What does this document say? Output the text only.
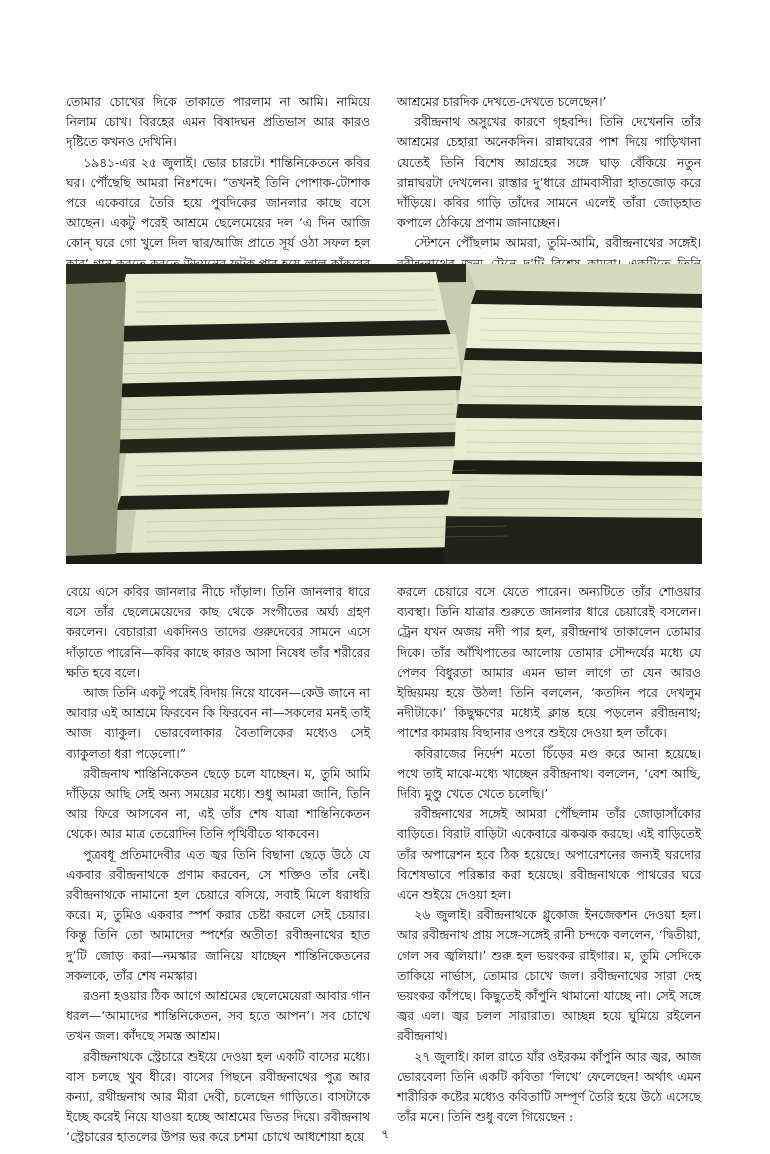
তোমার চোখের দিকে তাকাতে পারলাম না আমি। নামিয়ে নিলাম চোখ। বিরহের এমন বিষাদঘন প্রতিভাস আর কারও দৃষ্টিতে কখনও দেখিনি।

১৯৪১-এর ২৫ জুলাই। ভোর চারটে। শান্তিনিকেতনে কবির ঘর। পৌঁছেছি আমরা নিঃশব্দে। “তখনই তিনি পোশাক-টোশাক পরে একেবারে তৈরি হয়ে পুবদিকের জানলার কাছে বসে আছেন। একটু পরেই আশ্রমে ছেলেমেয়ের দল ‘এ দিন আজি কোন্ ঘরে গো খুলে দিল দ্বার/আজি প্রাতে সূর্য ওঠা সফল হল

আশ্রমের চারদিক দেখতে-দেখতে চলেছেন।’

রবীন্দ্রনাথ অসুখের কারণে গৃহবন্দি। তিনি দেখেননি তাঁর আশ্রমের চেহারা অনেকদিন। রান্নাঘরের পাশ দিয়ে গাড়িখানা যেতেই তিনি বিশেষ আগ্রহের সঙ্গে ঘাড় বেঁকিয়ে নতুন রান্নাঘরটা দেখলেন। রাস্তার দু’ধারে গ্রামবাসীরা হাতজোড় করে দাঁড়িয়ে। কবির গাড়ি তাঁদের সামনে এলেই তাঁরা জোড়হাত কপালে ঠেকিয়ে প্রণাম জানাচ্ছেন।

স্টেশনে পৌঁছলাম আমরা, তুমি-আমি, রবীন্দ্রনাথের সঙ্গেই।

বেয়ে এসে কবির জানলার নীচে দাঁড়াল। তিনি জানলার ধারে বসে তাঁর ছেলেমেয়েদের কাছ থেকে সংগীতের অর্ঘ্য গ্রহণ করলেন। বেচারারা একদিনও তাদের গুরুদেবের সামনে এসে দাঁড়াতে পারেনি—কবির কাছে কারও আসা নিষেধ তাঁর শরীরের ক্ষতি হবে বলে।

আজ তিনি একটু পরেই বিদায় নিয়ে যাবেন—কেউ জানে না আবার এই আশ্রমে ফিরবেন কি ফিরবেন না—সকলের মনই তাই আজ ব্যাকুল। ভোরবেলাকার বৈতালিকের মধ্যেও সেই ব্যাকুলতা ধরা পড়েলো।”

রবীন্দ্রনাথ শান্তিনিকেতন ছেড়ে চলে যাচ্ছেন। ম, তুমি আমি দাঁড়িয়ে আছি সেই অন্য সময়ের মধ্যে। শুধু আমরা জানি, তিনি আর ফিরে আসবেন না, এই তাঁর শেষ যাত্রা শান্তিনিকেতন থেকে। আর মাত্র তেরোদিন তিনি পৃথিবীতে থাকবেন।

পুত্রবধূ প্রতিমাদেবীর এত জ্বর তিনি বিছানা ছেড়ে উঠে যে একবার রবীন্দ্রনাথকে প্রণাম করবেন, সে শক্তিও তাঁর নেই। রবীন্দ্রনাথকে নামানো হল চেয়ারে বসিয়ে, সবাই মিলে ধরাধরি করে। ম, তুমিও একবার স্পর্শ করার চেষ্টা করলে সেই চেয়ার। কিন্তু তিনি তো আমাদের স্পর্শের অতীত! রবীন্দ্রনাথের হাত দু’টি জোড় করা—নমস্কার জানিয়ে যাচ্ছেন শান্তিনিকেতনের সকলকে, তাঁর শেষ নমস্কার।

রওনা হওয়ার ঠিক আগে আশ্রমের ছেলেমেয়েরা আবার গান ধরল—‘আমাদের শান্তিনিকেতন, সব হতে আপন’। সব চোখে তখন জল। কাঁদছে সমস্ত আশ্রম।

রবীন্দ্রনাথকে স্ট্রেচারে শুইয়ে দেওয়া হল একটি বাসের মধ্যে। বাস চলছে খুব ধীরে। বাসের পিছনে রবীন্দ্রনাথের পুত্র আর কন্যা, রথীন্দ্রনাথ আর মীরা দেবী, চলেছেন গাড়িতে। বাসটাকে ইচ্ছে করেই নিয়ে যাওয়া হচ্ছে আশ্রমের ভিতর দিয়ে। রবীন্দ্রনাথ ‘স্ট্রেচারের হাতলের উপর ভর করে চশমা চোখে আধশোয়া হয়ে

করলে চেয়ারে বসে যেতে পারেন। অন্যটিতে তাঁর শোওয়ার ব্যবস্থা। তিনি যাত্রার শুরুতে জানলার ধারে চেয়ারেই বসলেন। ট্রেন যখন অজয় নদী পার হল, রবীন্দ্রনাথ তাকালেন তোমার দিকে। তাঁর আঁখিপাতের আলোয় তোমার সৌন্দর্যের মধ্যে যে পেলব বিধুরতা আমার এমন ভাল লাগে তা যেন আরও ইন্দ্রিয়ময় হয়ে উঠল! তিনি বললেন, ‘কতদিন পরে দেখলুম নদীটাকে।’ কিছুক্ষণের মধ্যেই ক্লান্ত হয়ে পড়লেন রবীন্দ্রনাথ; পাশের কামরায় বিছানার ওপরে শুইয়ে দেওয়া হল তাঁকে।

কবিরাজের নির্দেশ মতো চিঁড়ের মণ্ড করে আনা হয়েছে। পথে তাই মাঝে-মধ্যে খাচ্ছেন রবীন্দ্রনাথ। বললেন, ‘বেশ আছি, দিব্যি মুণ্ডু খেতে খেতে চলেছি।’

রবীন্দ্রনাথের সঙ্গেই আমরা পৌঁছলাম তাঁর জোড়াসাঁকোর বাড়িতে। বিরাট বাড়িটা একেবারে ঝকঝক করছে। এই বাড়িতেই তাঁর অপারেশন হবে ঠিক হয়েছে। অপারেশনের জন্যই ঘরদোর বিশেষভাবে পরিষ্কার করা হয়েছে। রবীন্দ্রনাথকে পাথরের ঘরে এনে শুইয়ে দেওয়া হল।

২৬ জুলাই। রবীন্দ্রনাথকে গ্লুকোজ ইনজেকশন দেওয়া হল। আর রবীন্দ্রনাথ প্রায় সঙ্গে-সঙ্গেই রানী চন্দকে বললেন, ‘দ্বিতীয়া, গেল সব জ্বলিয়া।’ শুরু হল ভয়ংকর রাইগার। ম, তুমি সেদিকে তাকিয়ে নার্ভাস, তোমার চোখে জল। রবীন্দ্রনাথের সারা দেহ ভয়ংকর কাঁপছে। কিছুতেই কাঁপুনি থামানো যাচ্ছে না। সেই সঙ্গে জ্বর এল। জ্বর চলল সারারাত। আচ্ছন্ন হয়ে ঘুমিয়ে রইলেন রবীন্দ্রনাথ।

২৭ জুলাই। কাল রাতে যাঁর ওইরকম কাঁপুনি আর জ্বর, আজ ভোরবেলা তিনি একটি কবিতা ‘লিখে’ ফেলেছেন! অর্থাৎ এমন শারীরিক কষ্টের মধ্যেও কবিতাটি সম্পূর্ণ তৈরি হয়ে উঠে এসেছে তাঁর মনে। তিনি শুধু বলে গিয়েছেন :

৭
